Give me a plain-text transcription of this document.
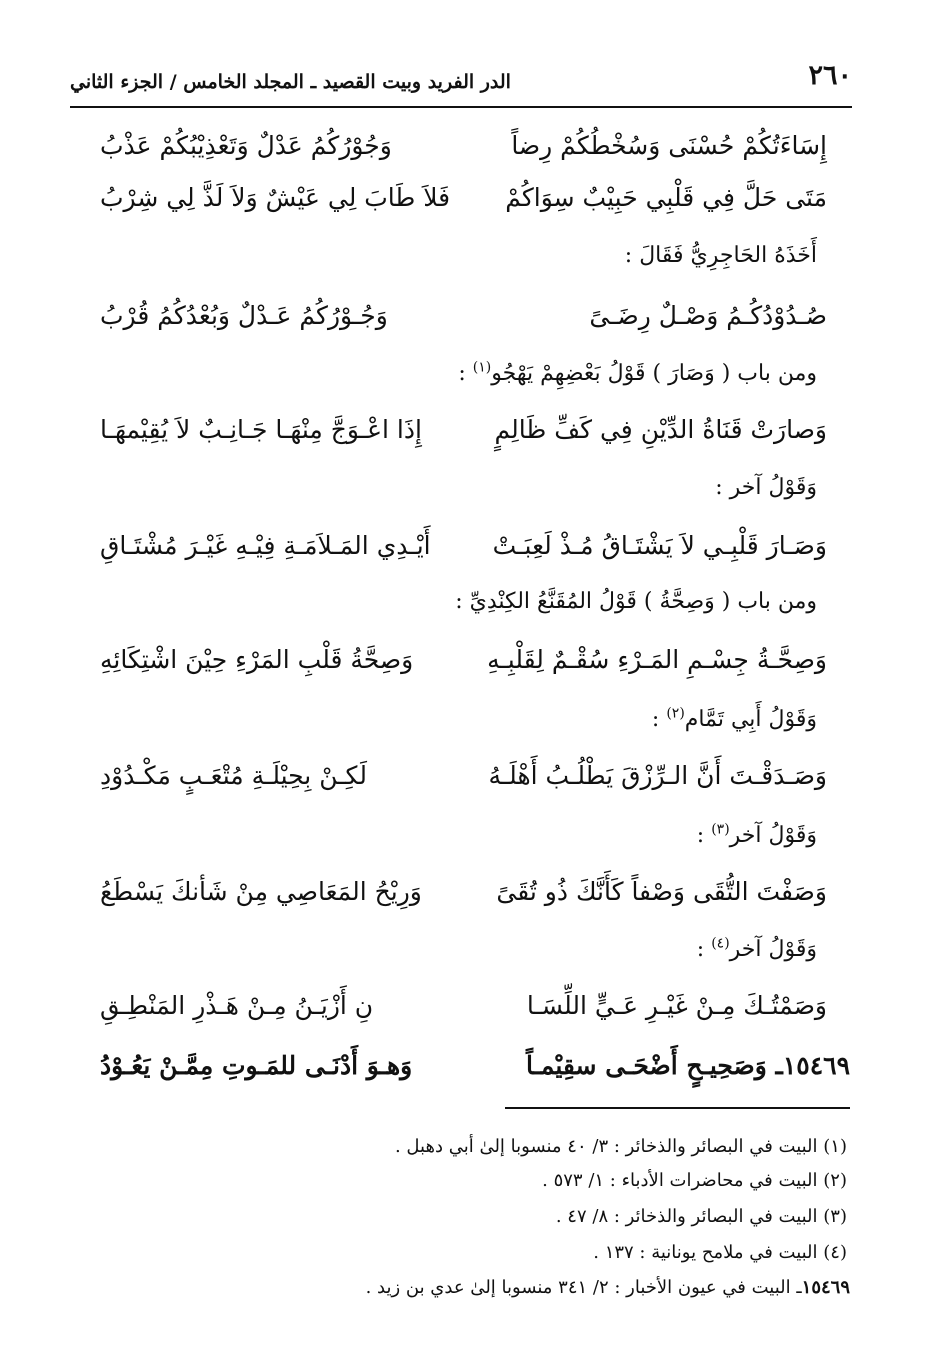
٢٦٠
الدر الفريد وبيت القصيد ـ المجلد الخامس / الجزء الثاني
إِسَاءَتُكُمْ حُسْنَى وَسُخْطُكُمْ رِضاً
وَجُوْرُكُمُ عَدْلٌ وَتَعْذِيْبُكُمْ عَذْبُ
مَتَى حَلَّ فِي قَلْبِي حَبِيْبٌ سِوَاكُمْ
فَلاَ طَابَ لِي عَيْشٌ وَلاَ لَذَّ لِي شِرْبُ
أَخَذَهُ الحَاجِرِيُّ فَقَالَ :
صُـدُوْدُكُـمُ وَصْـلٌ رِضَـىً
وَجُـوْرُكُمُ عَـدْلٌ وَبُعْدُكُمُ قُرْبُ
ومن باب ( وَصَارَ ) قَوْلُ بَعْضِهِمْ يَهْجُو$^{(١)}$ :
وَصارَتْ قَنَاةُ الدِّيْنِ فِي كَفِّ ظَالِمٍ
إِذَا اعْـوَجَّ مِنْهَـا جَـانِـبٌ لاَ يُقِيْمهَـا
وَقَوْلُ آخر :
وَصَـارَ قَلْبِـي لاَ يَشْتَـاقُ مُـذْ لَعِبَـتْ
أَيْـدِي المَـلاَمَـةِ فِيْـهِ غَيْـرَ مُشْتَـاقِ
ومن باب ( وَصِحَّةُ ) قَوْلُ المُقَنَّعُ الكِنْدِيِّ :
وَصِحَّـةُ جِسْـمِ المَـرْءِ سُقْـمٌ لِقَلْبِـهِ
وَصِحَّةُ قَلْبِ المَرْءِ حِيْنَ اشْتِكَائِهِ
وَقَوْلُ أَبِي تَمَّام$^{(٢)}$ :
وَصَـدَقْـتَ أَنَّ الـرِّزْقَ يَطْلُـبُ أَهْلَـهُ
لَكِـنْ بِحِيْلَـةِ مُتْعَـبٍ مَكْـدُوْدِ
وَقَوْلُ آخر$^{(٣)}$ :
وَصَفْتَ التُّقَى وَصْفاً كَأَنَّكَ ذُو تُقَىً
وَرِيْحُ المَعَاصِي مِنْ شَأنكَ يَسْطَعُ
وَقَوْلُ آخر$^{(٤)}$ :
وَصَمْتُـكَ مِـنْ غَيْـرِ عَـيٍّ اللِّسَـا
نِ أَزْيَـنُ مِـنْ هَـذْرِ المَنْطِـقِ
١٥٤٦٩ـ وَصَحِيـحٍ أَضْحَـى سقِيْمـاً
وَهـوَ أَدْنَـى للمَـوتِ مِمَّـنْ يَعُـوْدُ
(١) البيت في البصائر والذخائر : ٣/ ٤٠ منسوبا إلىٰ أبي دهبل .
(٢) البيت في محاضرات الأدباء : ١/ ٥٧٣ .
(٣) البيت في البصائر والذخائر : ٨/ ٤٧ .
(٤) البيت في ملامح يونانية : ١٣٧ .
١٥٤٦٩ـ البيت في عيون الأخبار : ٢/ ٣٤١ منسوبا إلىٰ عدي بن زيد .
